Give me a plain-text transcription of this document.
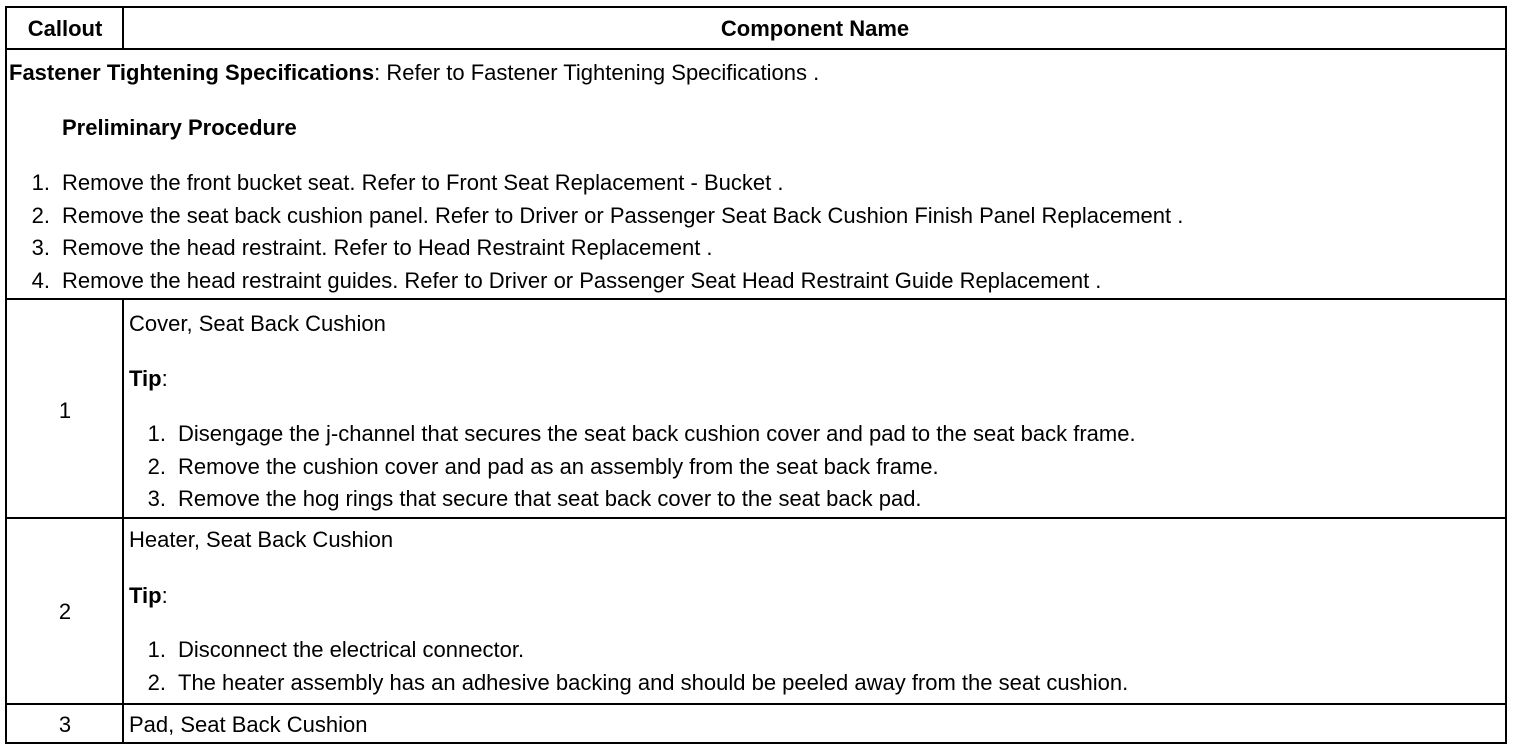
Callout	Component Name
Fastener Tightening Specifications: Refer to Fastener Tightening Specifications .
Preliminary Procedure
1. Remove the front bucket seat. Refer to Front Seat Replacement - Bucket .
2. Remove the seat back cushion panel. Refer to Driver or Passenger Seat Back Cushion Finish Panel Replacement .
3. Remove the head restraint. Refer to Head Restraint Replacement .
4. Remove the head restraint guides. Refer to Driver or Passenger Seat Head Restraint Guide Replacement .
1
Cover, Seat Back Cushion
Tip:
1. Disengage the j-channel that secures the seat back cushion cover and pad to the seat back frame.
2. Remove the cushion cover and pad as an assembly from the seat back frame.
3. Remove the hog rings that secure that seat back cover to the seat back pad.
2
Heater, Seat Back Cushion
Tip:
1. Disconnect the electrical connector.
2. The heater assembly has an adhesive backing and should be peeled away from the seat cushion.
3	Pad, Seat Back Cushion
